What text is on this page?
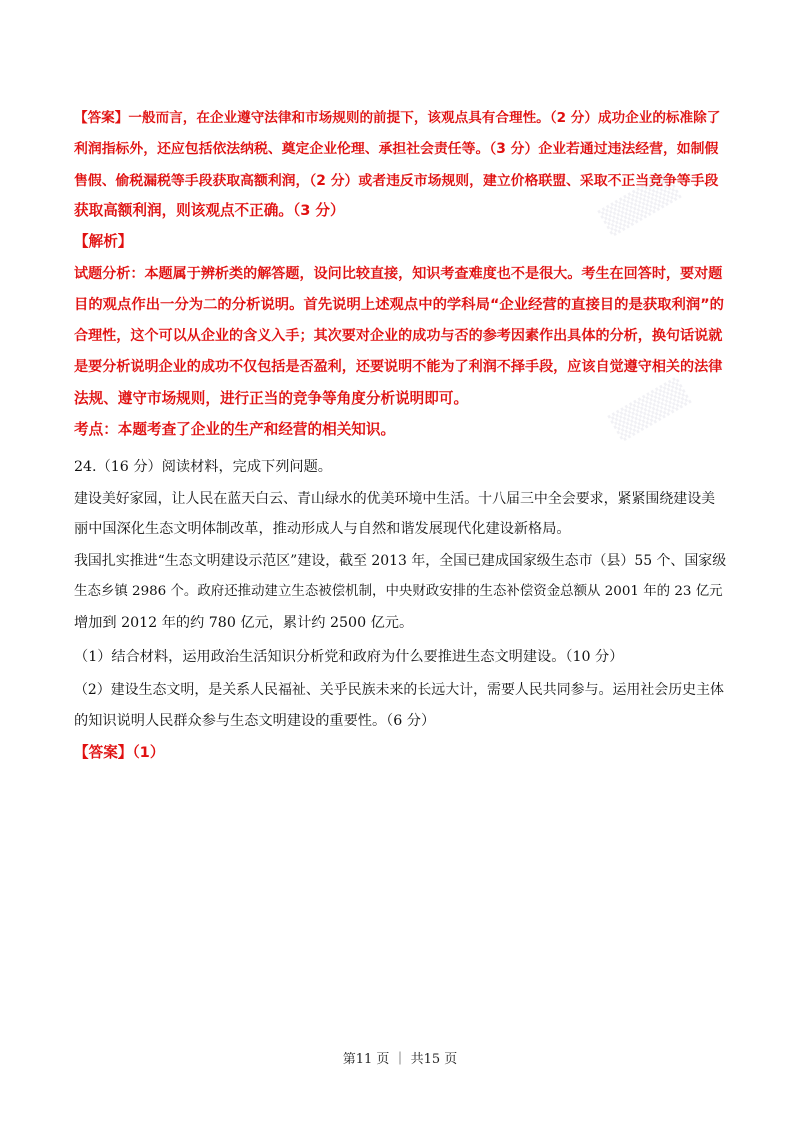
▒▒▒▒
▒▒▒▒
【答案】一般而言，在企业遵守法律和市场规则的前提下，该观点具有合理性。（2 分）成功企业的标准除了
利润指标外，还应包括依法纳税、奠定企业伦理、承担社会责任等。（3 分）企业若通过违法经营，如制假
售假、偷税漏税等手段获取高额利润，（2 分）或者违反市场规则，建立价格联盟、采取不正当竞争等手段
获取高额利润，则该观点不正确。（3 分）
【解析】
试题分析：本题属于辨析类的解答题，设问比较直接，知识考查难度也不是很大。考生在回答时，要对题
目的观点作出一分为二的分析说明。首先说明上述观点中的学科局“企业经营的直接目的是获取利润”的
合理性，这个可以从企业的含义入手；其次要对企业的成功与否的参考因素作出具体的分析，换句话说就
是要分析说明企业的成功不仅包括是否盈利，还要说明不能为了利润不择手段，应该自觉遵守相关的法律
法规、遵守市场规则，进行正当的竞争等角度分析说明即可。
考点：本题考查了企业的生产和经营的相关知识。
24.（16 分）阅读材料，完成下列问题。
建设美好家园，让人民在蓝天白云、青山绿水的优美环境中生活。十八届三中全会要求，紧紧围绕建设美
丽中国深化生态文明体制改革，推动形成人与自然和谐发展现代化建设新格局。
我国扎实推进“生态文明建设示范区”建设，截至 2013 年，全国已建成国家级生态市（县）55 个、国家级
生态乡镇 2986 个。政府还推动建立生态被偿机制，中央财政安排的生态补偿资金总额从 2001 年的 23 亿元
增加到 2012 年的约 780 亿元，累计约 2500 亿元。
（1）结合材料，运用政治生活知识分析党和政府为什么要推进生态文明建设。（10 分）
（2）建设生态文明，是关系人民福祉、关乎民族未来的长远大计，需要人民共同参与。运用社会历史主体
的知识说明人民群众参与生态文明建设的重要性。（6 分）
【答案】（1）
第11 页 ｜ 共15 页
